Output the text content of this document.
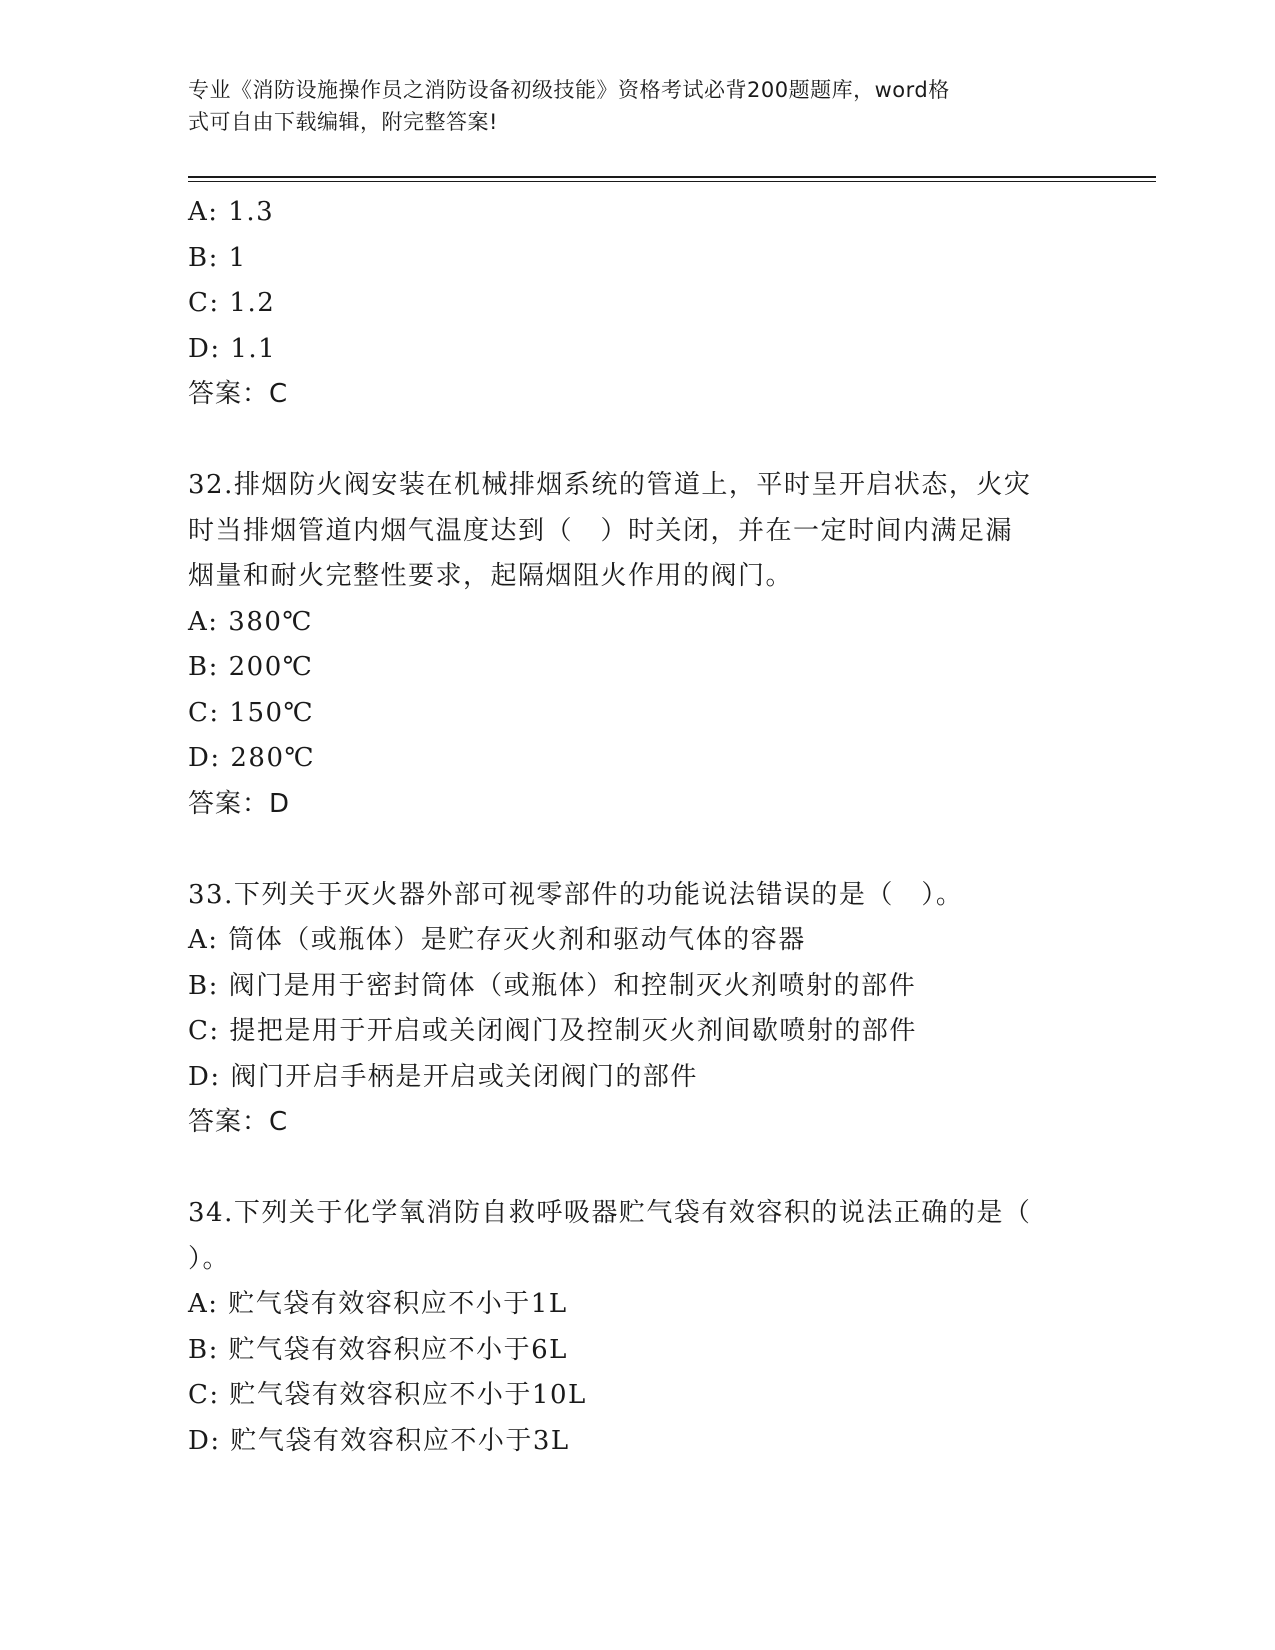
专业《消防设施操作员之消防设备初级技能》资格考试必背200题题库，word格
式可自由下载编辑，附完整答案!
A: 1.3
B: 1
C: 1.2
D: 1.1
答案：C
32.排烟防火阀安装在机械排烟系统的管道上，平时呈开启状态，火灾
时当排烟管道内烟气温度达到（　）时关闭，并在一定时间内满足漏
烟量和耐火完整性要求，起隔烟阻火作用的阀门。
A: 380℃
B: 200℃
C: 150℃
D: 280℃
答案：D
33.下列关于灭火器外部可视零部件的功能说法错误的是（　）。
A: 筒体（或瓶体）是贮存灭火剂和驱动气体的容器
B: 阀门是用于密封筒体（或瓶体）和控制灭火剂喷射的部件
C: 提把是用于开启或关闭阀门及控制灭火剂间歇喷射的部件
D: 阀门开启手柄是开启或关闭阀门的部件
答案：C
34.下列关于化学氧消防自救呼吸器贮气袋有效容积的说法正确的是（
）。
A: 贮气袋有效容积应不小于1L
B: 贮气袋有效容积应不小于6L
C: 贮气袋有效容积应不小于10L
D: 贮气袋有效容积应不小于3L
